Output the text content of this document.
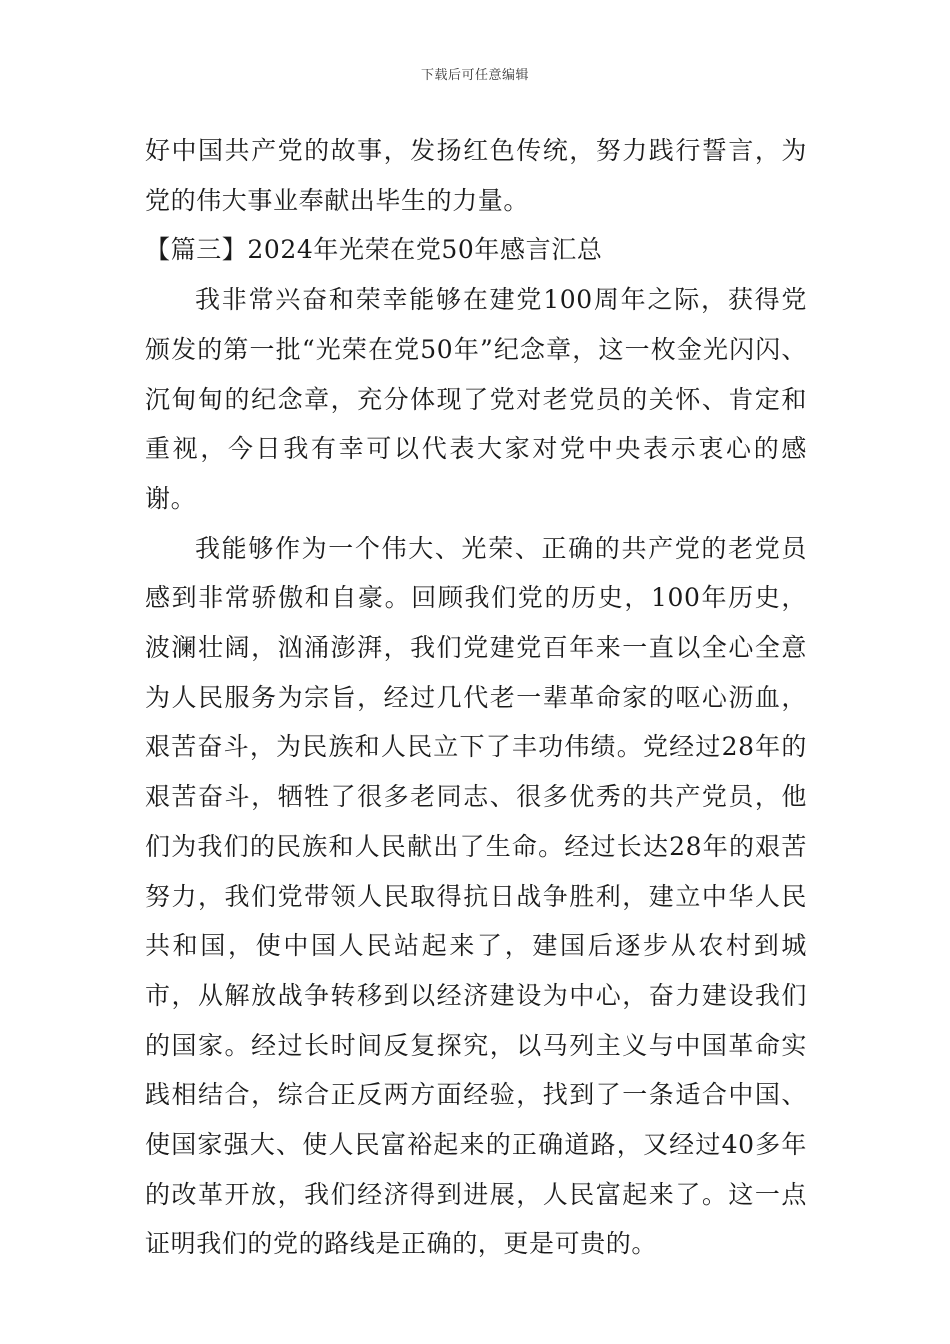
下载后可任意编辑

好中国共产党的故事，发扬红色传统，努力践行誓言，为党的伟大事业奉献出毕生的力量。

【篇三】2024年光荣在党50年感言汇总

我非常兴奋和荣幸能够在建党100周年之际，获得党颁发的第一批“光荣在党50年”纪念章，这一枚金光闪闪、沉甸甸的纪念章，充分体现了党对老党员的关怀、肯定和重视，今日我有幸可以代表大家对党中央表示衷心的感谢。

我能够作为一个伟大、光荣、正确的共产党的老党员感到非常骄傲和自豪。回顾我们党的历史，100年历史，波澜壮阔，汹涌澎湃，我们党建党百年来一直以全心全意为人民服务为宗旨，经过几代老一辈革命家的呕心沥血，艰苦奋斗，为民族和人民立下了丰功伟绩。党经过28年的艰苦奋斗，牺牲了很多老同志、很多优秀的共产党员，他们为我们的民族和人民献出了生命。经过长达28年的艰苦努力，我们党带领人民取得抗日战争胜利，建立中华人民共和国，使中国人民站起来了，建国后逐步从农村到城市，从解放战争转移到以经济建设为中心，奋力建设我们的国家。经过长时间反复探究，以马列主义与中国革命实践相结合，综合正反两方面经验，找到了一条适合中国、使国家强大、使人民富裕起来的正确道路，又经过40多年的改革开放，我们经济得到进展，人民富起来了。这一点证明我们的党的路线是正确的，更是可贵的。
